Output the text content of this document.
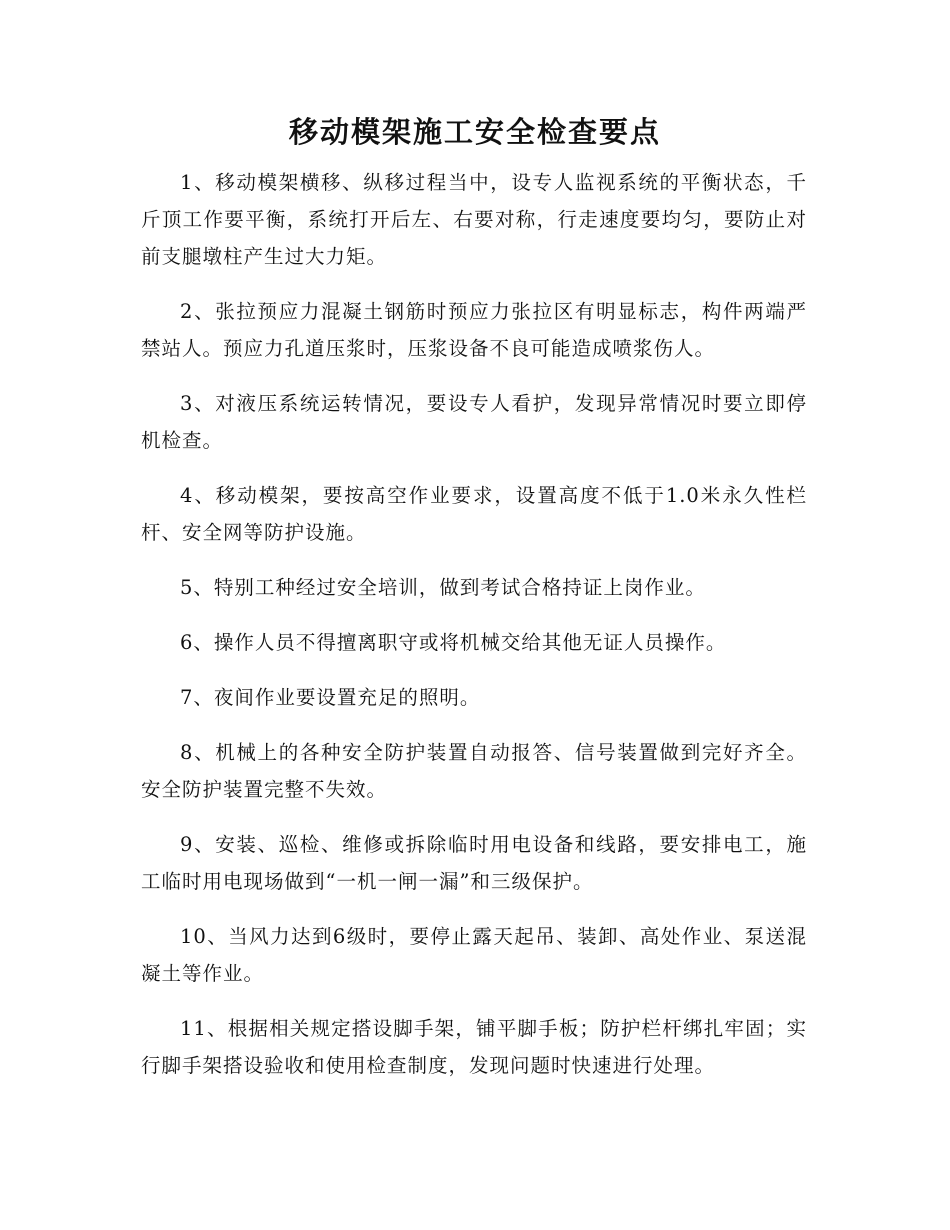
移动模架施工安全检查要点

1、移动模架横移、纵移过程当中，设专人监视系统的平衡状态，千斤顶工作要平衡，系统打开后左、右要对称，行走速度要均匀，要防止对前支腿墩柱产生过大力矩。

2、张拉预应力混凝土钢筋时预应力张拉区有明显标志，构件两端严禁站人。预应力孔道压浆时，压浆设备不良可能造成喷浆伤人。

3、对液压系统运转情况，要设专人看护，发现异常情况时要立即停机检查。

4、移动模架，要按高空作业要求，设置高度不低于1.0米永久性栏杆、安全网等防护设施。

5、特别工种经过安全培训，做到考试合格持证上岗作业。

6、操作人员不得擅离职守或将机械交给其他无证人员操作。

7、夜间作业要设置充足的照明。

8、机械上的各种安全防护装置自动报答、信号装置做到完好齐全。安全防护装置完整不失效。

9、安装、巡检、维修或拆除临时用电设备和线路，要安排电工，施工临时用电现场做到“一机一闸一漏”和三级保护。

10、当风力达到6级时，要停止露天起吊、装卸、高处作业、泵送混凝土等作业。

11、根据相关规定搭设脚手架，铺平脚手板；防护栏杆绑扎牢固；实行脚手架搭设验收和使用检查制度，发现问题时快速进行处理。
